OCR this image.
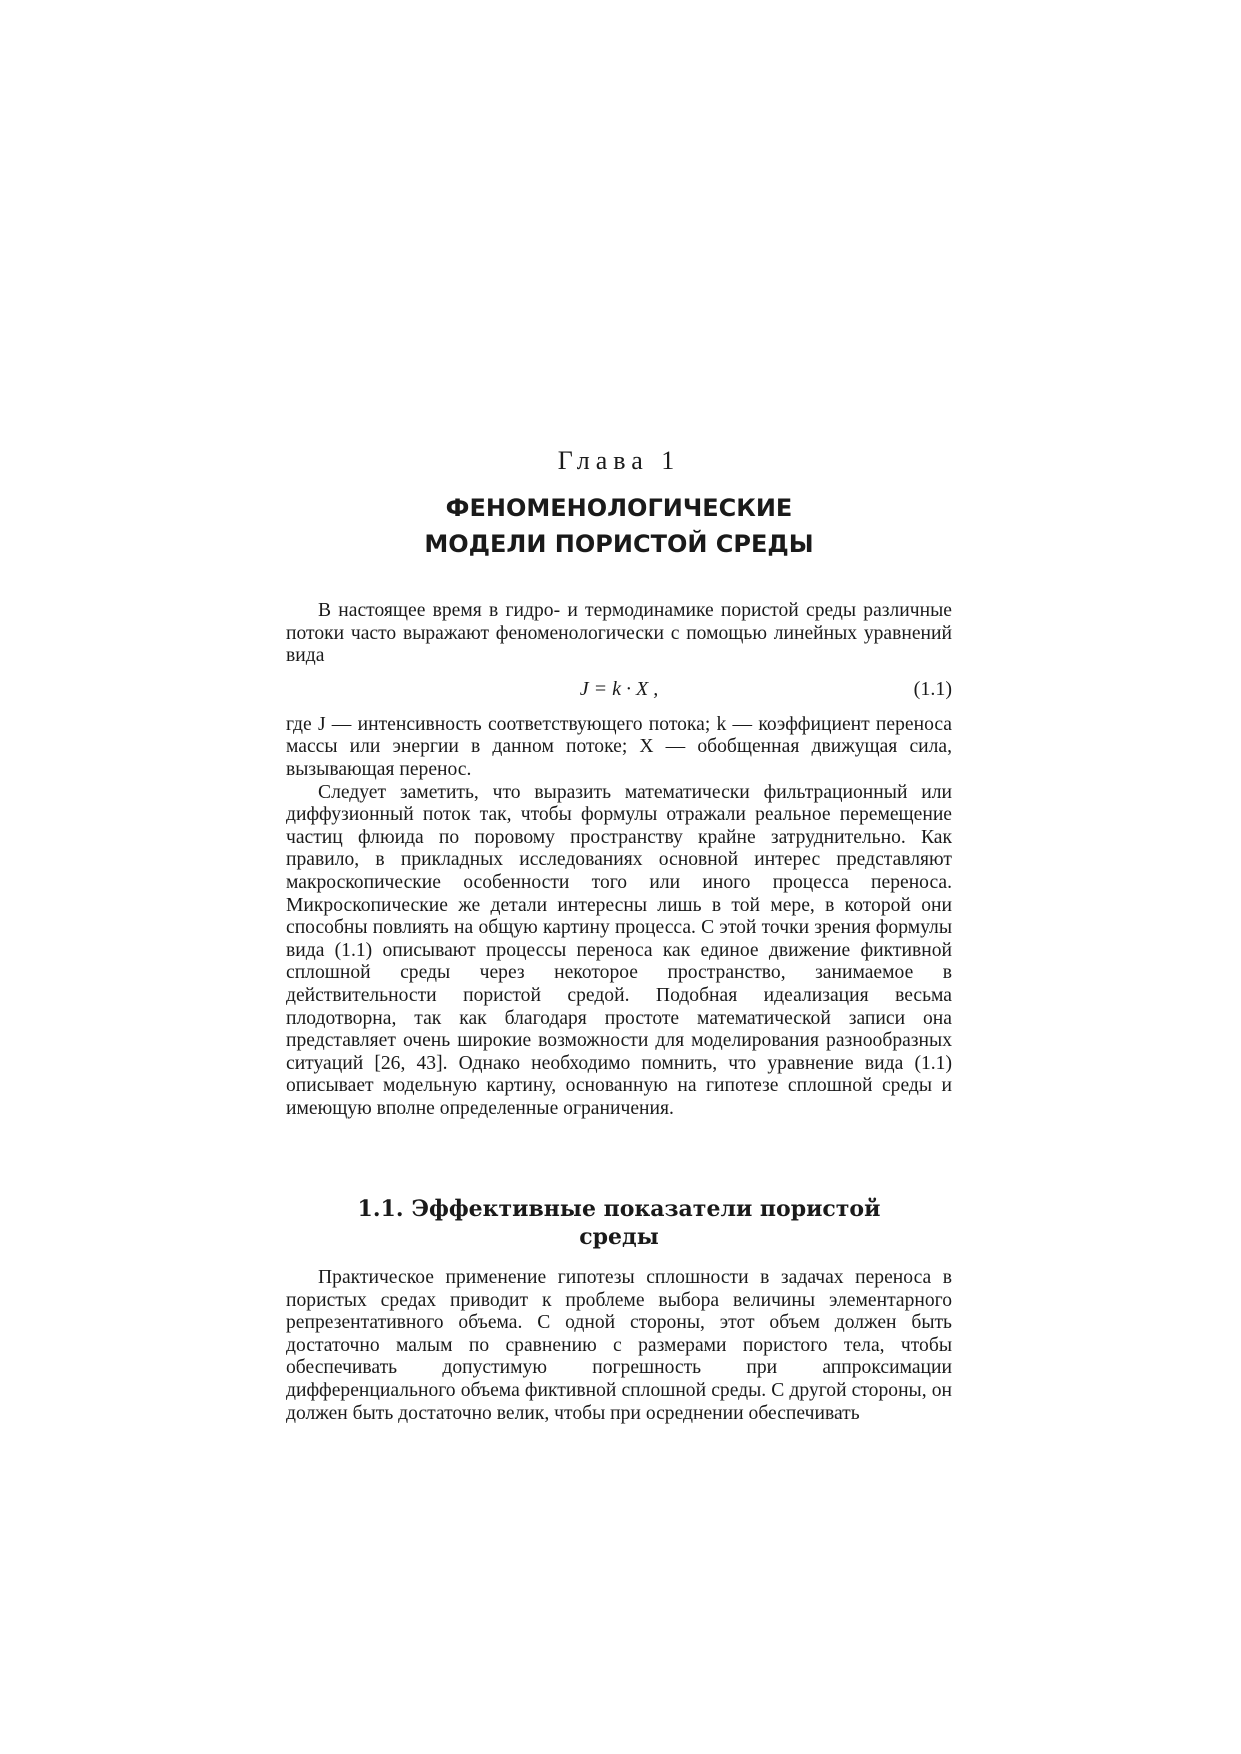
Глава 1
ФЕНОМЕНОЛОГИЧЕСКИЕ
МОДЕЛИ ПОРИСТОЙ СРЕДЫ

В настоящее время в гидро- и термодинамике пористой среды различные потоки часто выражают феноменологически с помощью линейных уравнений вида

J = k · X ,	(1.1)

где J — интенсивность соответствующего потока; k — коэффициент переноса массы или энергии в данном потоке; X — обобщенная движущая сила, вызывающая перенос.

Следует заметить, что выразить математически фильтрационный или диффузионный поток так, чтобы формулы отражали реальное перемещение частиц флюида по поровому пространству крайне затруднительно. Как правило, в прикладных исследованиях основной интерес представляют макроскопические особенности того или иного процесса переноса. Микроскопические же детали интересны лишь в той мере, в которой они способны повлиять на общую картину процесса. С этой точки зрения формулы вида (1.1) описывают процессы переноса как единое движение фиктивной сплошной среды через некоторое пространство, занимаемое в действительности пористой средой. Подобная идеализация весьма плодотворна, так как благодаря простоте математической записи она представляет очень широкие возможности для моделирования разнообразных ситуаций [26, 43]. Однако необходимо помнить, что уравнение вида (1.1) описывает модельную картину, основанную на гипотезе сплошной среды и имеющую вполне определенные ограничения.

1.1. Эффективные показатели пористой
среды

Практическое применение гипотезы сплошности в задачах переноса в пористых средах приводит к проблеме выбора величины элементарного репрезентативного объема. С одной стороны, этот объем должен быть достаточно малым по сравнению с размерами пористого тела, чтобы обеспечивать допустимую погрешность при аппроксимации дифференциального объема фиктивной сплошной среды. С другой стороны, он должен быть достаточно велик, чтобы при осреднении обеспечивать
